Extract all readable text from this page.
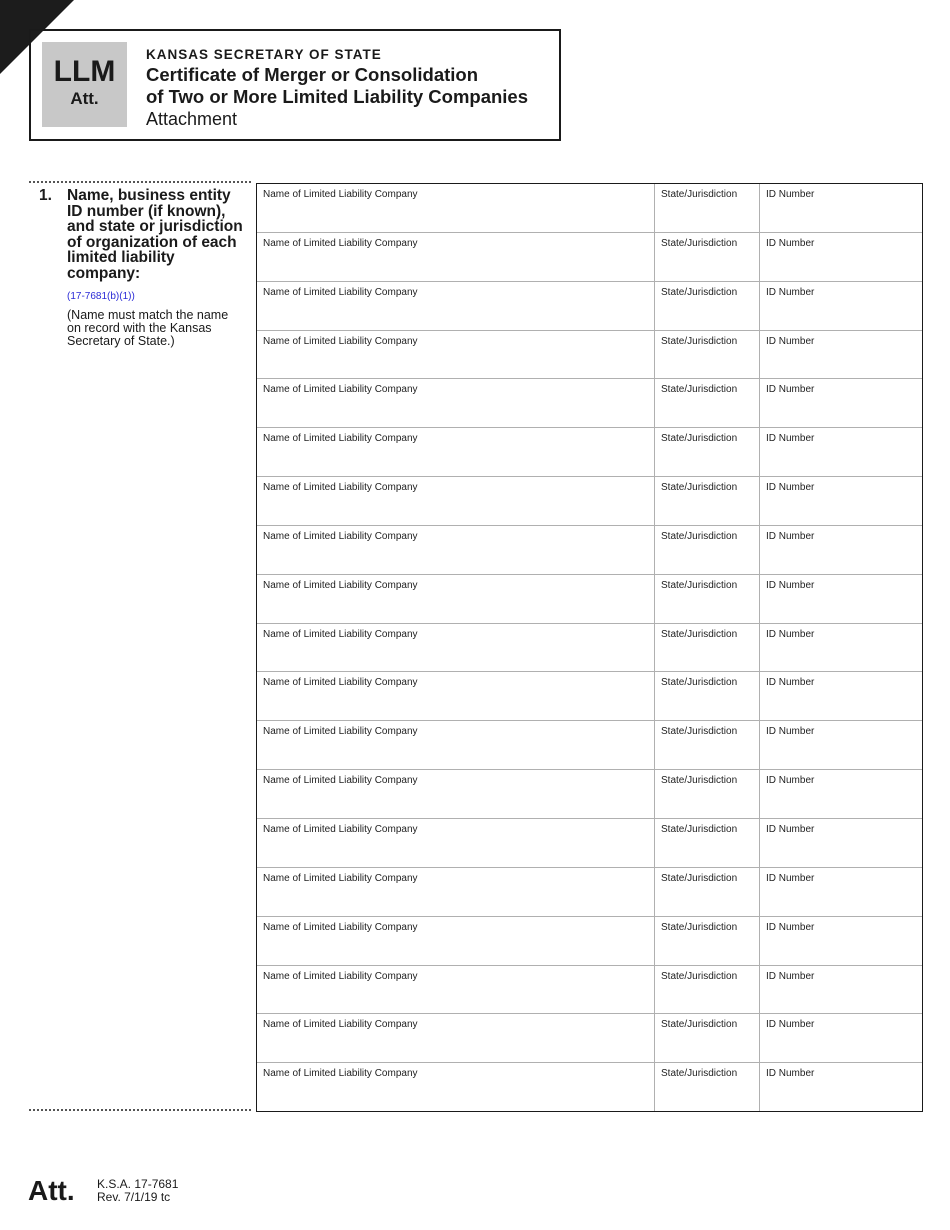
LLM
Att.
KANSAS SECRETARY OF STATE
Certificate of Merger or Consolidation
of Two or More Limited Liability Companies
Attachment
1. Name, business entity ID number (if known), and state or jurisdiction of organization of each limited liability company:
(17-7681(b)(1))
(Name must match the name on record with the Kansas Secretary of State.)
Name of Limited Liability Company	State/Jurisdiction	ID Number
Name of Limited Liability Company	State/Jurisdiction	ID Number
Name of Limited Liability Company	State/Jurisdiction	ID Number
Name of Limited Liability Company	State/Jurisdiction	ID Number
Name of Limited Liability Company	State/Jurisdiction	ID Number
Name of Limited Liability Company	State/Jurisdiction	ID Number
Name of Limited Liability Company	State/Jurisdiction	ID Number
Name of Limited Liability Company	State/Jurisdiction	ID Number
Name of Limited Liability Company	State/Jurisdiction	ID Number
Name of Limited Liability Company	State/Jurisdiction	ID Number
Name of Limited Liability Company	State/Jurisdiction	ID Number
Name of Limited Liability Company	State/Jurisdiction	ID Number
Name of Limited Liability Company	State/Jurisdiction	ID Number
Name of Limited Liability Company	State/Jurisdiction	ID Number
Name of Limited Liability Company	State/Jurisdiction	ID Number
Name of Limited Liability Company	State/Jurisdiction	ID Number
Name of Limited Liability Company	State/Jurisdiction	ID Number
Name of Limited Liability Company	State/Jurisdiction	ID Number
Name of Limited Liability Company	State/Jurisdiction	ID Number
Att. K.S.A. 17-7681
Rev. 7/1/19 tc
